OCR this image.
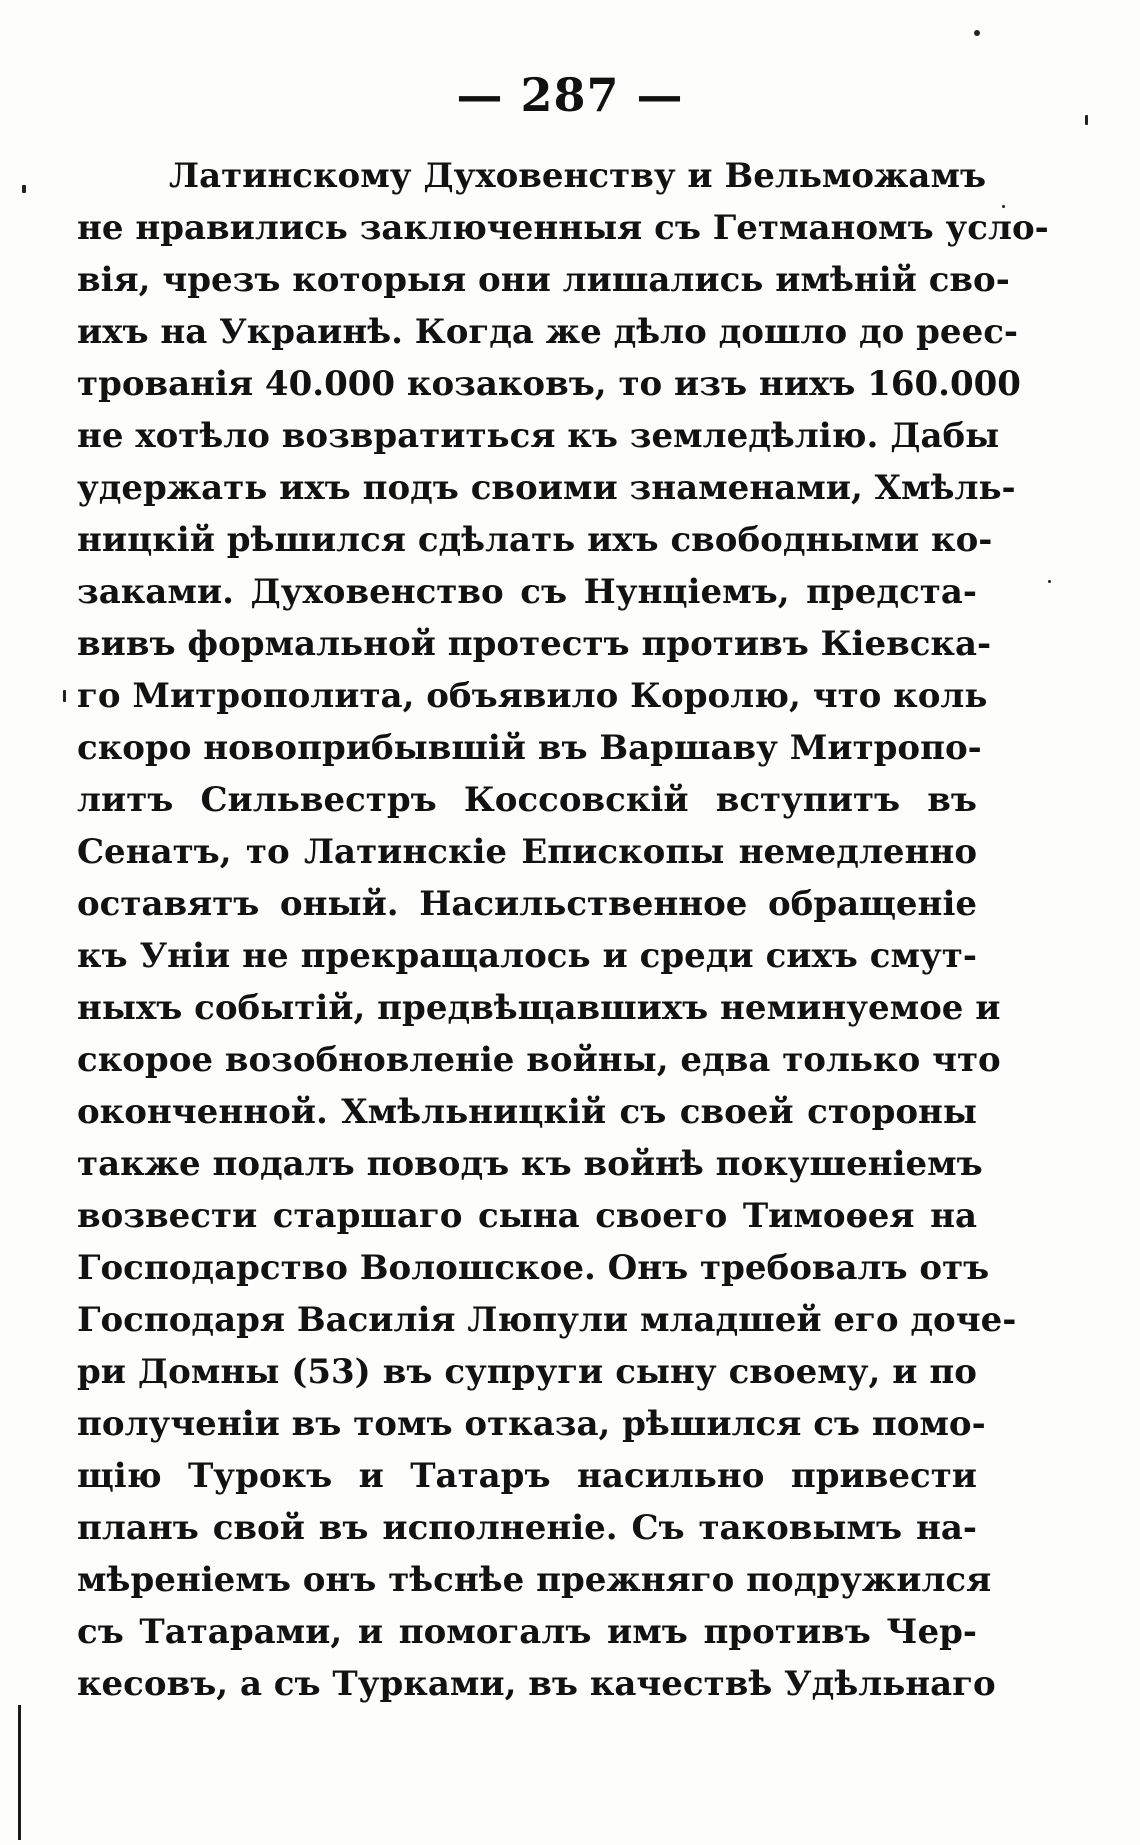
— 287 —
Латинскому Духовенству и Вельможамъ
не нравились заключенныя съ Гетманомъ усло-
вія, чрезъ которыя они лишались имѣній сво-
ихъ на Украинѣ. Когда же дѣло дошло до реес-
трованія 40.000 козаковъ, то изъ нихъ 160.000
не хотѣло возвратиться къ земледѣлію. Дабы
удержать ихъ подъ своими знаменами, Хмѣль-
ницкій рѣшился сдѣлать ихъ свободными ко-
заками. Духовенство съ Нунціемъ, предста-
вивъ формальной протестъ противъ Кіевска-
го Митрополита, объявило Королю, что коль
скоро новоприбывшій въ Варшаву Митропо-
литъ Сильвестръ Коссовскій вступитъ въ
Сенатъ, то Латинскіе Епископы немедленно
оставятъ оный. Насильственное обращеніе
къ Уніи не прекращалось и среди сихъ смут-
ныхъ событій, предвѣщавшихъ неминуемое и
скорое возобновленіе войны, едва только что
оконченной. Хмѣльницкій съ своей стороны
также подалъ поводъ къ войнѣ покушеніемъ
возвести старшаго сына своего Тимоѳея на
Господарство Волошское. Онъ требовалъ отъ
Господаря Василія Люпули младшей его доче-
ри Домны (53) въ супруги сыну своему, и по
полученіи въ томъ отказа, рѣшился съ помо-
щію Турокъ и Татаръ насильно привести
планъ свой въ исполненіе. Съ таковымъ на-
мѣреніемъ онъ тѣснѣе прежняго подружился
съ Татарами, и помогалъ имъ противъ Чер-
кесовъ, а съ Турками, въ качествѣ Удѣльнаго
